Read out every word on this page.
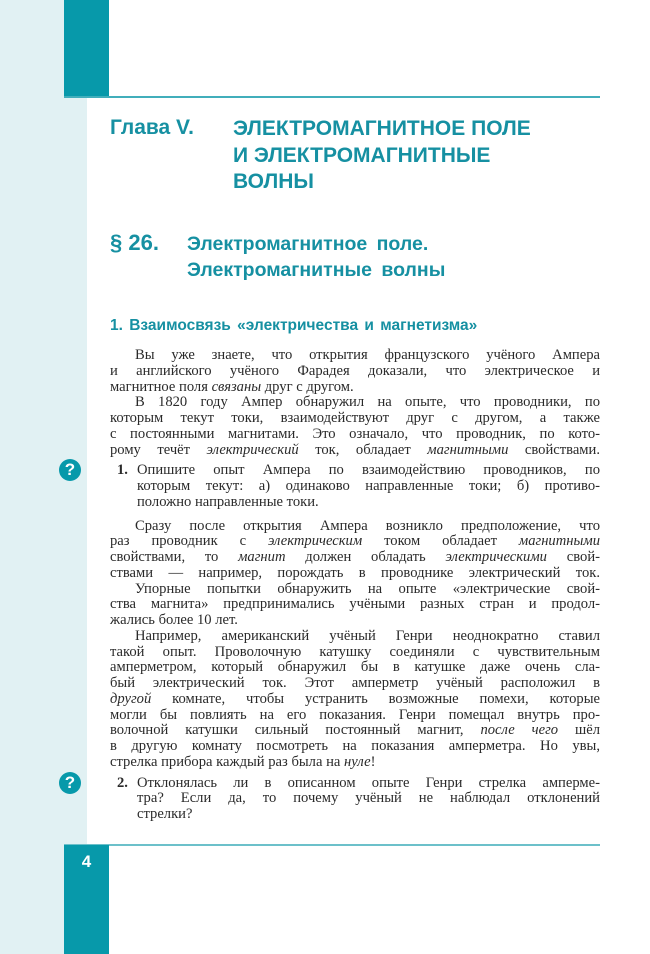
4
Глава V. ЭЛЕКТРОМАГНИТНОЕ ПОЛЕ
И ЭЛЕКТРОМАГНИТНЫЕ
ВОЛНЫ
§ 26. Электромагнитное поле.
Электромагнитные волны
1. Взаимосвязь «электричества и магнетизма»
Вы уже знаете, что открытия французского учёного Ампера
и английского учёного Фарадея доказали, что электрическое и
магнитное поля связаны друг с другом.
В 1820 году Ампер обнаружил на опыте, что проводники, по
которым текут токи, взаимодействуют друг с другом, а также
с постоянными магнитами. Это означало, что проводник, по кото-
рому течёт электрический ток, обладает магнитными свойствами.
Опишите опыт Ампера по взаимодействию проводников, по
1.
?
которым текут: а) одинаково направленные токи; б) противо-
положно направленные токи.
Сразу после открытия Ампера возникло предположение, что
раз проводник с электрическим током обладает магнитными
свойствами, то магнит должен обладать электрическими свой-
ствами — например, порождать в проводнике электрический ток.
Упорные попытки обнаружить на опыте «электрические свой-
ства магнита» предпринимались учёными разных стран и продол-
жались более 10 лет.
Например, американский учёный Генри неоднократно ставил
такой опыт. Проволочную катушку соединяли с чувствительным
амперметром, который обнаружил бы в катушке даже очень сла-
бый электрический ток. Этот амперметр учёный расположил в
другой комнате, чтобы устранить возможные помехи, которые
могли бы повлиять на его показания. Генри помещал внутрь про-
волочной катушки сильный постоянный магнит, после чего шёл
в другую комнату посмотреть на показания амперметра. Но увы,
стрелка прибора каждый раз была на нуле!
Отклонялась ли в описанном опыте Генри стрелка амперме-
2.
?
тра? Если да, то почему учёный не наблюдал отклонений
стрелки?
